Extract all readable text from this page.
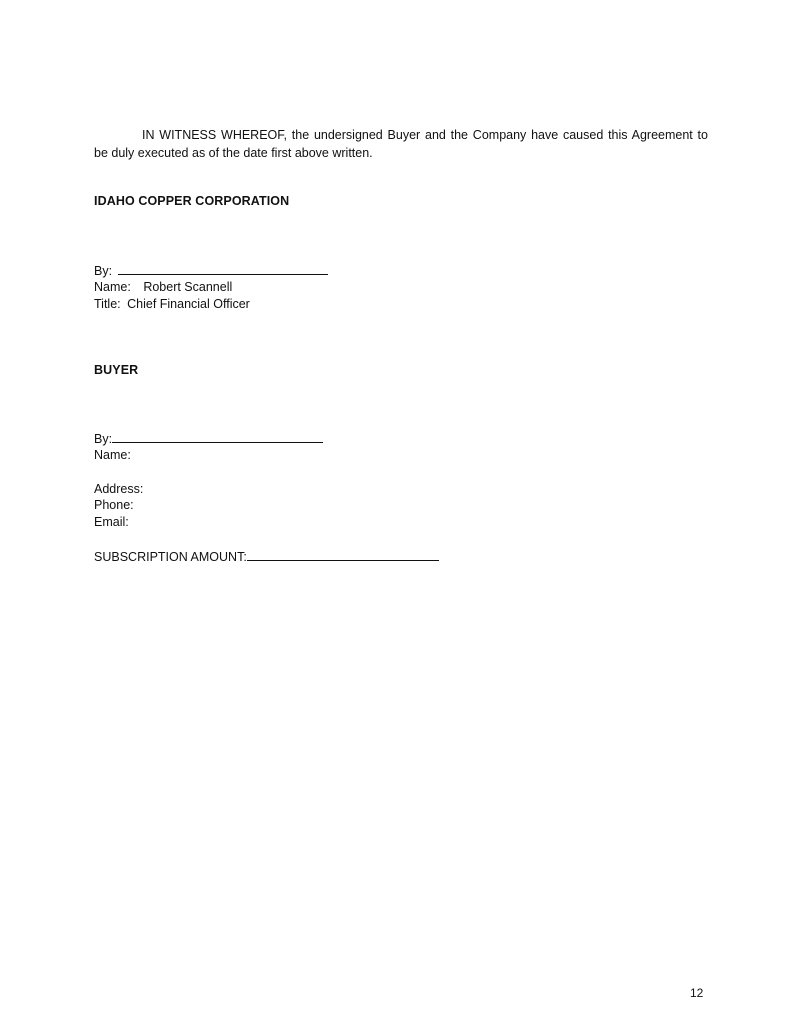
IN WITNESS WHEREOF, the undersigned Buyer and the Company have caused this Agreement to be duly executed as of the date first above written.
IDAHO COPPER CORPORATION
By:
Name: Robert Scannell
Title: Chief Financial Officer
BUYER
By:
Name:
Address:
Phone:
Email:
SUBSCRIPTION AMOUNT:
12
